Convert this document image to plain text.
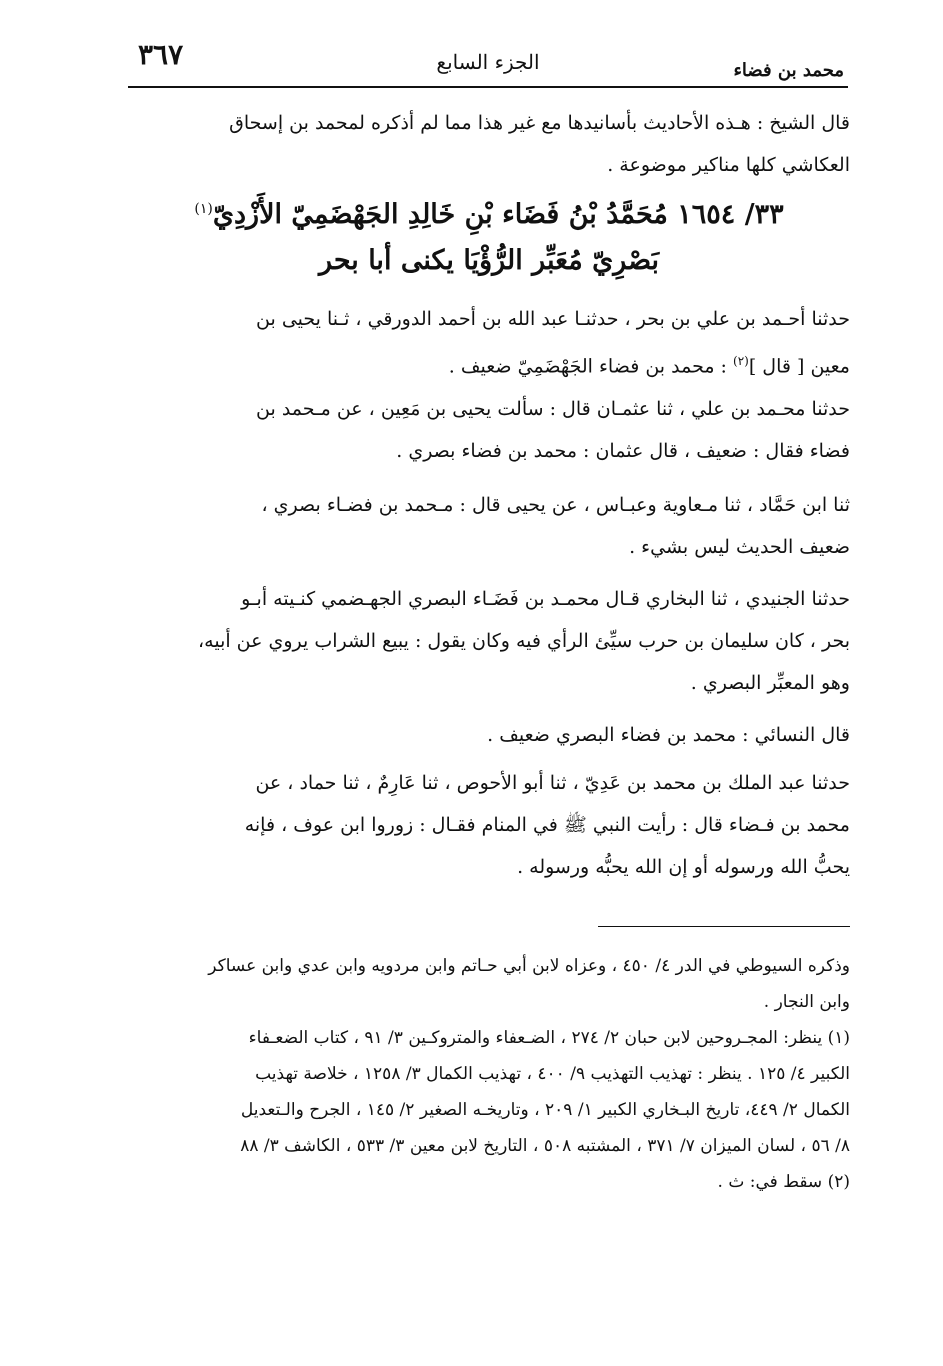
محمد بن فضاء
الجزء السابع
٣٦٧
قال الشيخ : هـذه الأحاديث بأسانيدها مع غير هذا مما لم أذكره لمحمد بن إسحاق
العكاشي كلها مناكير موضوعة .
٣٣/ ١٦٥٤ مُحَمَّدُ بْنُ فَضَاء بْنِ خَالِدِ الجَهْضَمِيّ الأَزْدِيّ$^{(١)}$
بَصْرِيّ مُعَبِّر الرُّؤْيَا يكنى أبا بحر
حدثنا أحـمد بن علي بن بحر ، حدثنـا عبد الله بن أحمد الدورقي ، ثـنا يحيى بن
معين [ قال ]$^{(٢)}$ : محمد بن فضاء الجَهْضَمِيّ ضعيف .
حدثنا محـمد بن علي ، ثنا عثمـان قال : سألت يحيى بن مَعِين ، عن مـحمد بن
فضاء فقال : ضعيف ، قال عثمان : محمد بن فضاء بصري .
ثنا ابن حَمَّاد ، ثنا مـعاوية وعبـاس ، عن يحيى قال : مـحمد بن فضـاء بصري ،
ضعيف الحديث ليس بشيء .
حدثنا الجنيدي ، ثنا البخاري قـال محمـد بن فَضَـاء البصري الجهـضمي كنـيته أبـو
بحر ، كان سليمان بن حرب سيِّئ الرأي فيه وكان يقول : يبيع الشراب يروي عن أبيه،
وهو المعبِّر البصري .
قال النسائي : محمد بن فضاء البصري ضعيف .
حدثنا عبد الملك بن محمد بن عَدِيّ ، ثنا أبو الأحوص ، ثنا عَارِمٌ ، ثنا حماد ، عن
محمد بن فـضاء قال : رأيت النبي ﷺ في المنام فقـال : زوروا ابن عوف ، فإنه
يحبُّ الله ورسوله أو إن الله يحبُّه ورسوله .
وذكره السيوطي في الدر ٤/ ٤٥٠ ، وعزاه لابن أبي حـاتم وابن مردويه وابن عدي وابن عساكر
وابن النجار .
(١) ينظر: المجـروحين لابن حبان ٢/ ٢٧٤ ، الضـعفاء والمتروكـين ٣/ ٩١ ، كتاب الضعـفاء
الكبير ٤/ ١٢٥ . ينظر : تهذيب التهذيب ٩/ ٤٠٠ ، تهذيب الكمال ٣/ ١٢٥٨ ، خلاصة تهذيب
الكمال ٢/ ٤٤٩، تاريخ البـخاري الكبير ١/ ٢٠٩ ، وتاريخـه الصغير ٢/ ١٤٥ ، الجرح والـتعديل
٨/ ٥٦ ، لسان الميزان ٧/ ٣٧١ ، المشتبه ٥٠٨ ، التاريخ لابن معين ٣/ ٥٣٣ ، الكاشف ٣/ ٨٨
(٢) سقط في: ث .
